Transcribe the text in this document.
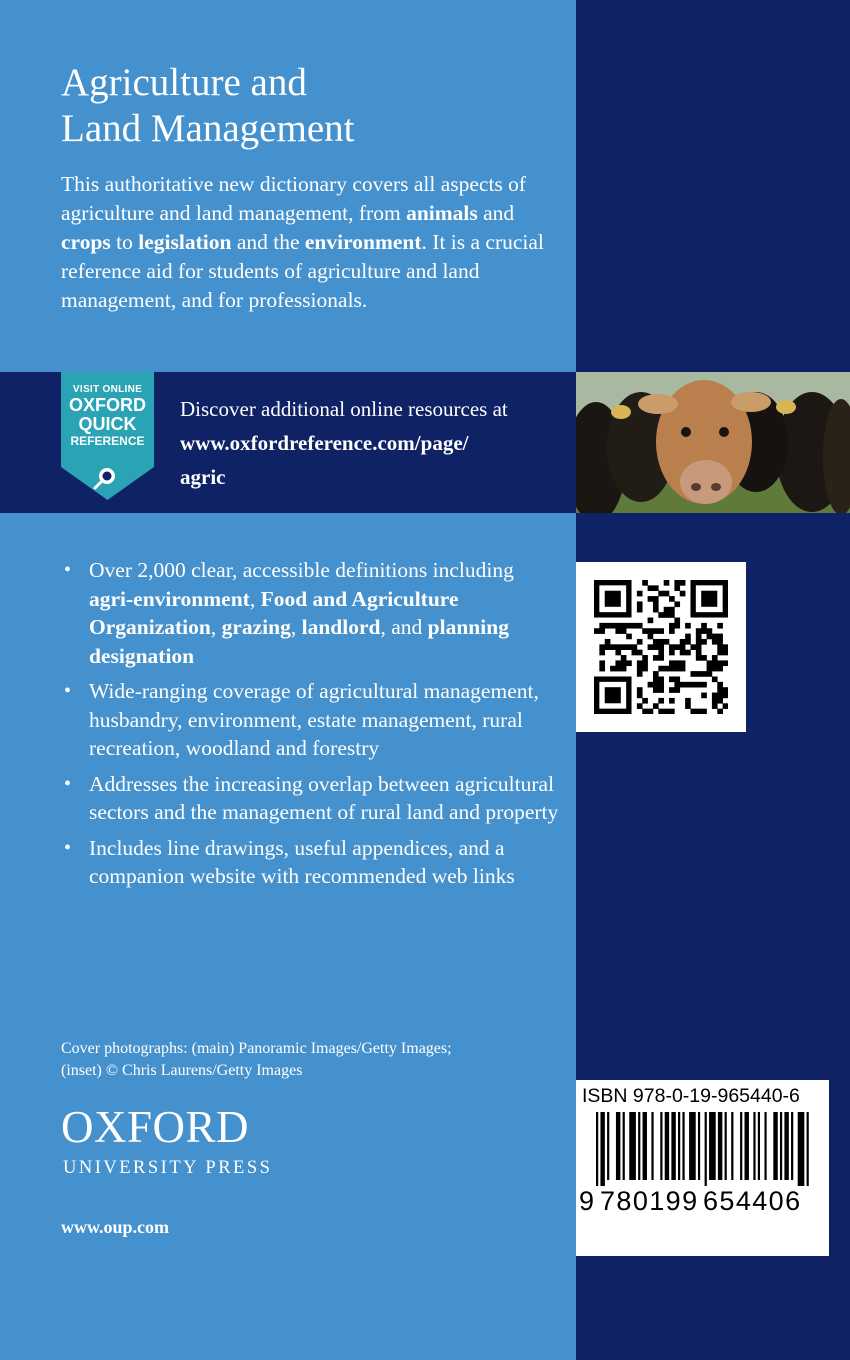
Agriculture and
Land Management

This authoritative new dictionary covers all aspects of agriculture and land management, from animals and crops to legislation and the environment. It is a crucial reference aid for students of agriculture and land management, and for professionals.

VISIT ONLINE
OXFORD
QUICK
REFERENCE
Discover additional online resources at
www.oxfordreference.com/page/
agric
• Over 2,000 clear, accessible definitions including agri-environment, Food and Agriculture Organization, grazing, landlord, and planning designation
• Wide-ranging coverage of agricultural management, husbandry, environment, estate management, rural recreation, woodland and forestry
• Addresses the increasing overlap between agricultural sectors and the management of rural land and property
• Includes line drawings, useful appendices, and a companion website with recommended web links

Cover photographs: (main) Panoramic Images/Getty Images;
(inset) © Chris Laurens/Getty Images

OXFORD
UNIVERSITY PRESS
www.oup.com
ISBN 978-0-19-965440-6
9 780199 654406
